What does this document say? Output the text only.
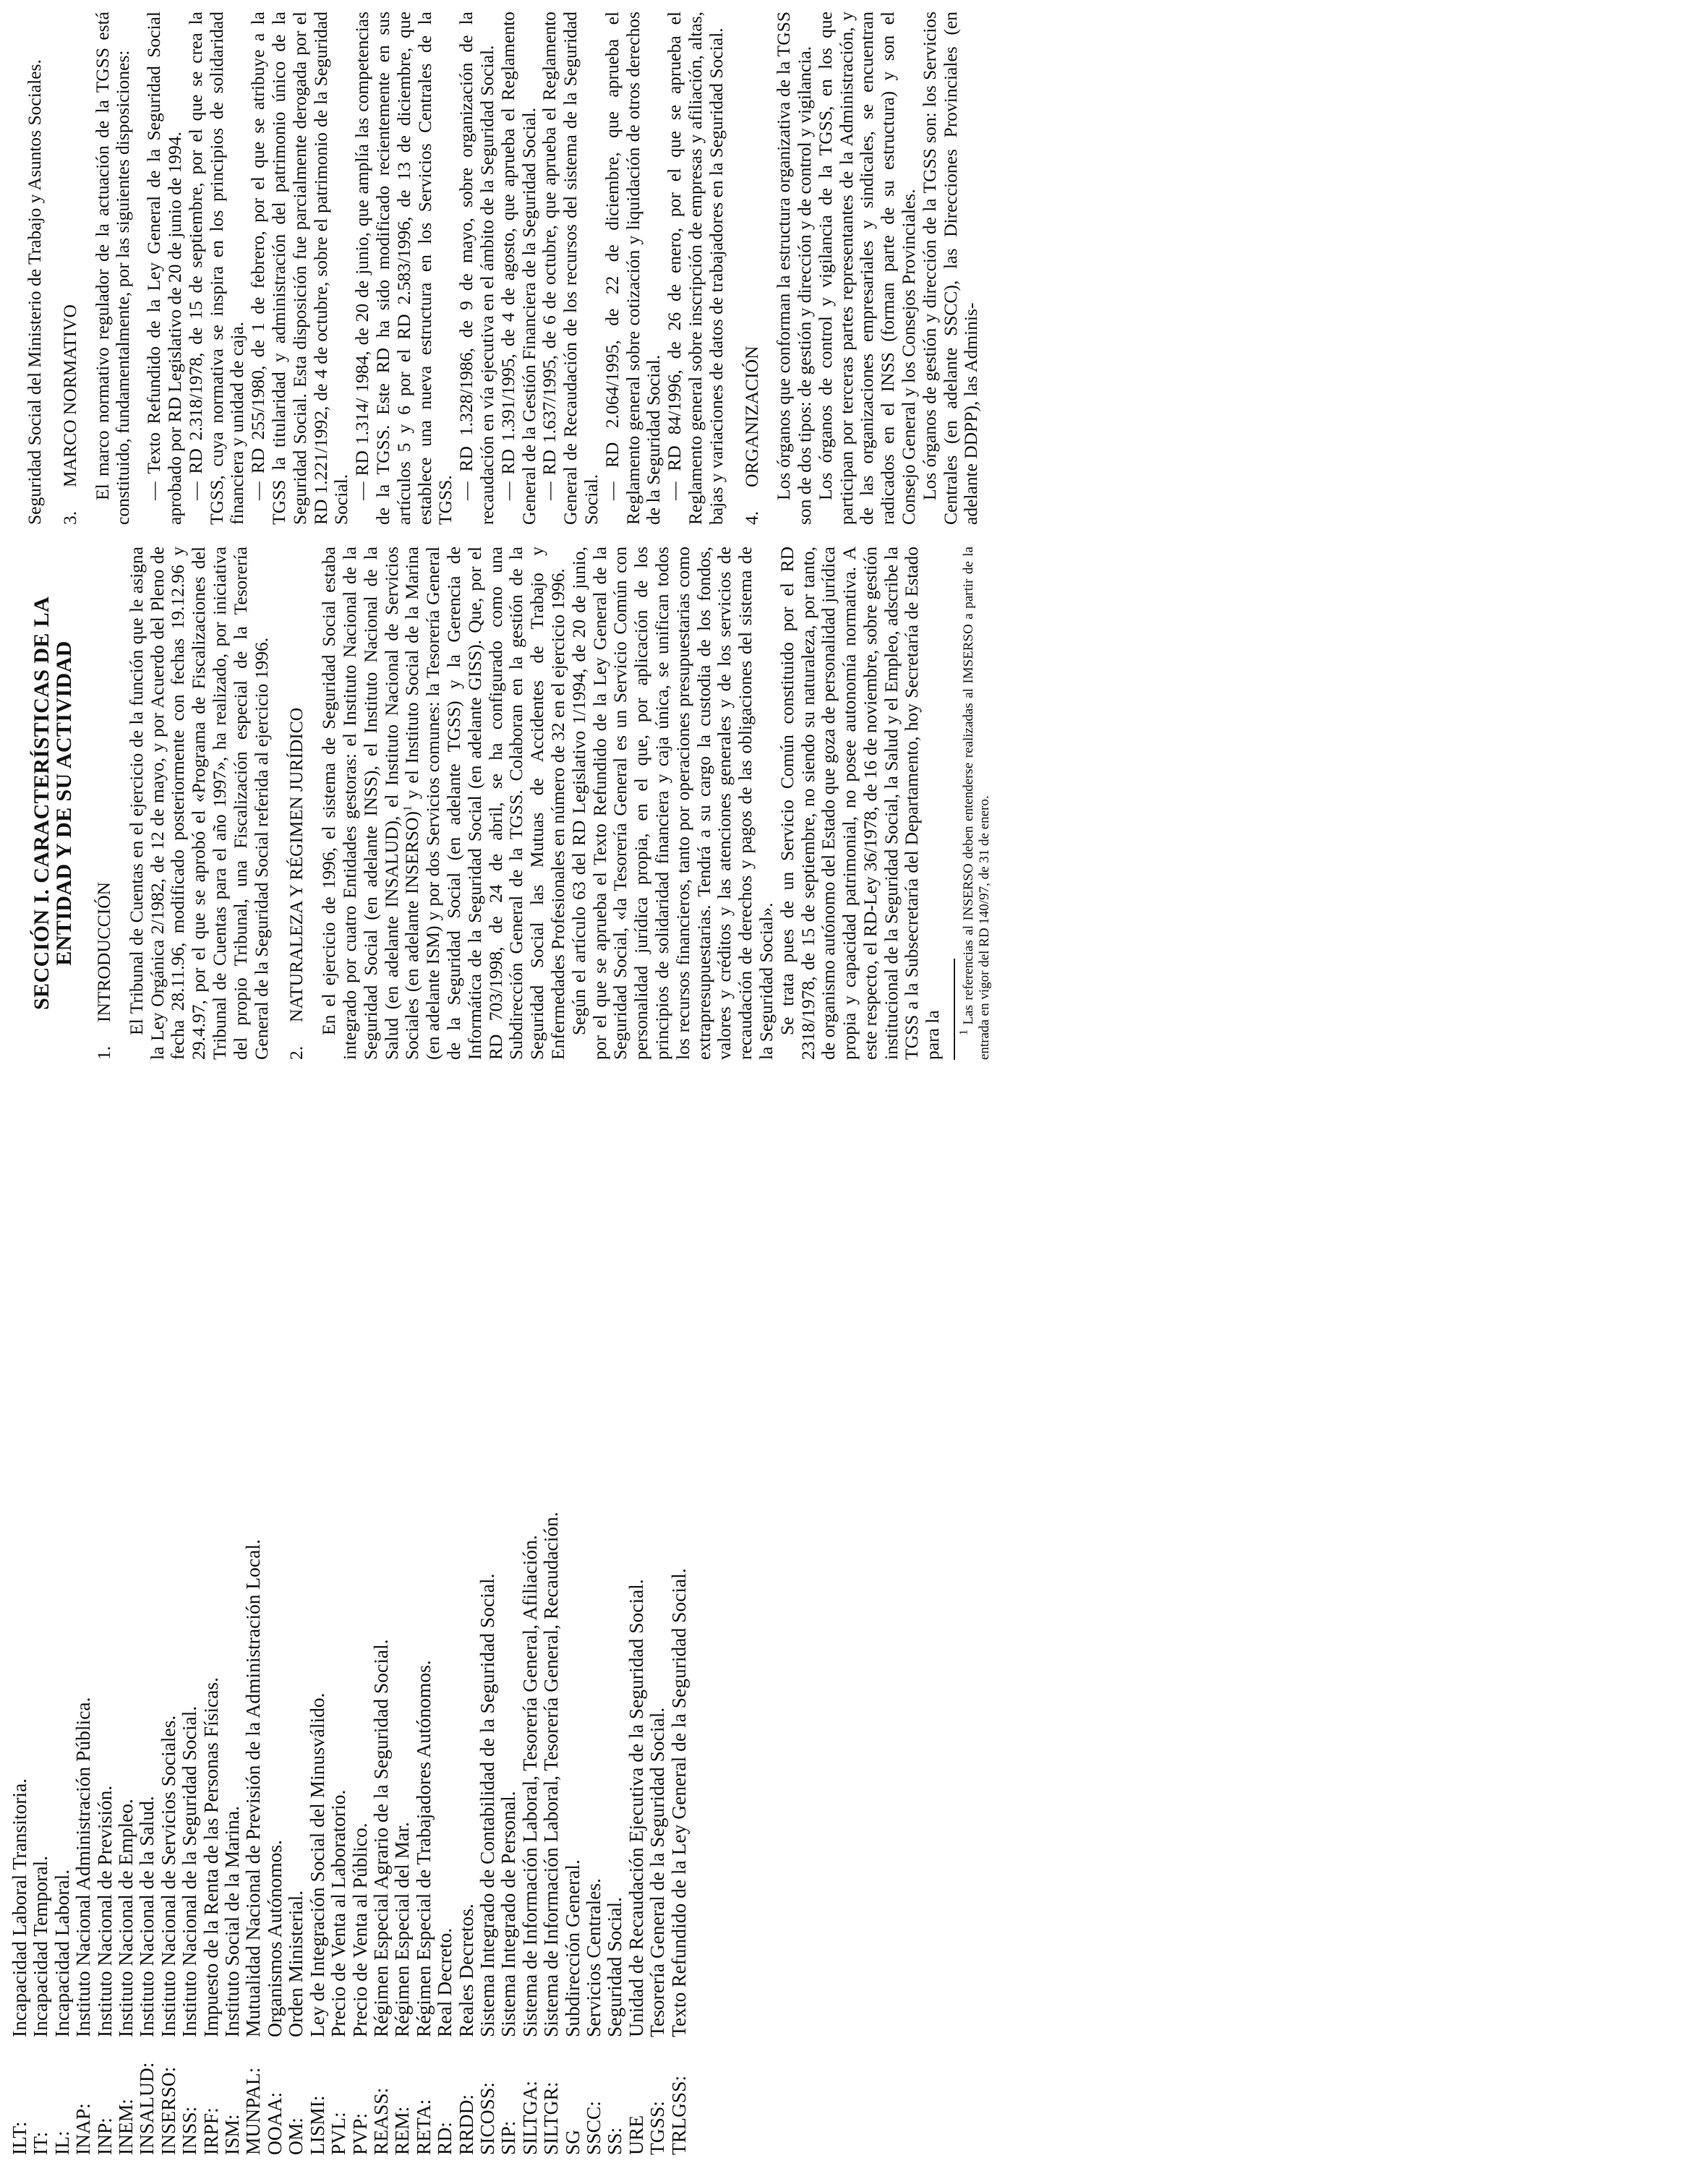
ILT:
Incapacidad Laboral Transitoria.
IT:
Incapacidad Temporal.
IL:
Incapacidad Laboral.
INAP:
Instituto Nacional Administración Pública.
INP:
Instituto Nacional de Previsión.
INEM:
Instituto Nacional de Empleo.
INSALUD:
Instituto Nacional de la Salud.
INSERSO:
Instituto Nacional de Servicios Sociales.
INSS:
Instituto Nacional de la Seguridad Social.
IRPF:
Impuesto de la Renta de las Personas Físicas.
ISM:
Instituto Social de la Marina.
MUNPAL:
Mutualidad Nacional de Previsión de la Administración Local.
OOAA:
Organismos Autónomos.
OM:
Orden Ministerial.
LISMI:
Ley de Integración Social del Minusválido.
PVL:
Precio de Venta al Laboratorio.
PVP:
Precio de Venta al Público.
REASS:
Régimen Especial Agrario de la Seguridad Social.
REM:
Régimen Especial del Mar.
RETA:
Régimen Especial de Trabajadores Autónomos.
RD:
Real Decreto.
RRDD:
Reales Decretos.
SICOSS:
Sistema Integrado de Contabilidad de la Seguridad Social.
SIP:
Sistema Integrado de Personal.
SILTGA:
Sistema de Información Laboral, Tesorería General, Afiliación.
SILTGR:
Sistema de Información Laboral, Tesorería General, Recaudación.
SG
Subdirección General.
SSCC:
Servicios Centrales.
SS:
Seguridad Social.
URE
Unidad de Recaudación Ejecutiva de la Seguridad Social.
TGSS:
Tesorería General de la Seguridad Social.
TRLGSS:
Texto Refundido de la Ley General de la Seguridad Social.
SECCIÓN I. CARACTERÍSTICAS DE LA
ENTIDAD Y DE SU ACTIVIDAD
1.INTRODUCCIÓN El Tribunal de Cuentas en el ejercicio de la función que le asigna la Ley Orgánica 2/1982, de 12 de mayo, y por Acuerdo del Pleno de fecha 28.11.96, modificado posteriormente con fechas 19.12.96 y 29.4.97, por el que se aprobó el «Programa de Fiscalizaciones del Tribunal de Cuentas para el año 1997», ha realizado, por iniciativa del propio Tribunal, una Fiscalización especial de la Tesorería General de la Seguridad Social referida al ejercicio 1996. 2.NATURALEZA Y RÉGIMEN JURÍDICO En el ejercicio de 1996, el sistema de Seguridad Social estaba integrado por cuatro Entidades gestoras: el Instituto Nacional de la Seguridad Social (en adelante INSS), el Instituto Nacional de la Salud (en adelante INSALUD), el Instituto Nacional de Servicios Sociales (en adelante INSERSO)$^1$ y el Instituto Social de la Marina (en adelante ISM) y por dos Servicios comunes: la Tesorería General de la Seguridad Social (en adelante TGSS) y la Gerencia de Informática de la Seguridad Social (en adelante GISS). Que, por el RD 703/1998, de 24 de abril, se ha configurado como una Subdirección General de la TGSS. Colaboran en la gestión de la Seguridad Social las Mutuas de Accidentes de Trabajo y Enfermedades Profesionales en número de 32 en el ejercicio 1996. Según el artículo 63 del RD Legislativo 1/1994, de 20 de junio, por el que se aprueba el Texto Refundido de la Ley General de la Seguridad Social, «la Tesorería General es un Servicio Común con personalidad jurídica propia, en el que, por aplicación de los principios de solidaridad financiera y caja única, se unifican todos los recursos financieros, tanto por operaciones presupuestarias como extrapresupuestarias. Tendrá a su cargo la custodia de los fondos, valores y créditos y las atenciones generales y de los servicios de recaudación de derechos y pagos de las obligaciones del sistema de la Seguridad Social». Se trata pues de un Servicio Común constituido por el RD 2318/1978, de 15 de septiembre, no siendo su naturaleza, por tanto, de organismo autónomo del Estado que goza de personalidad jurídica propia y capacidad patrimonial, no posee autonomía normativa. A este respecto, el RD-Ley 36/1978, de 16 de noviembre, sobre gestión institucional de la Seguridad Social, la Salud y el Empleo, adscribe la TGSS a la Subsecretaría del Departamento, hoy Secretaría de Estado para la $^1$ Las referencias al INSERSO deben entenderse realizadas al IMSERSO a partir de la entrada en vigor del RD 140/97, de 31 de enero.

Seguridad Social del Ministerio de Trabajo y Asuntos Sociales. 3.MARCO NORMATIVO El marco normativo regulador de la actuación de la TGSS está constituido, fundamentalmente, por las siguientes disposiciones: — Texto Refundido de la Ley General de la Seguridad Social aprobado por RD Legislativo de 20 de junio de 1994. — RD 2.318/1978, de 15 de septiembre, por el que se crea la TGSS, cuya normativa se inspira en los principios de solidaridad financiera y unidad de caja. — RD 255/1980, de 1 de febrero, por el que se atribuye a la TGSS la titularidad y administración del patrimonio único de la Seguridad Social. Esta disposición fue parcialmente derogada por el RD 1.221/1992, de 4 de octubre, sobre el patrimonio de la Seguridad Social. — RD 1.314/ 1984, de 20 de junio, que amplía las competencias de la TGSS. Este RD ha sido modificado recientemente en sus artículos 5 y 6 por el RD 2.583/1996, de 13 de diciembre, que establece una nueva estructura en los Servicios Centrales de la TGSS. — RD 1.328/1986, de 9 de mayo, sobre organización de la recaudación en vía ejecutiva en el ámbito de la Seguridad Social. — RD 1.391/1995, de 4 de agosto, que aprueba el Reglamento General de la Gestión Financiera de la Seguridad Social. — RD 1.637/1995, de 6 de octubre, que aprueba el Reglamento General de Recaudación de los recursos del sistema de la Seguridad Social. — RD 2.064/1995, de 22 de diciembre, que aprueba el Reglamento general sobre cotización y liquidación de otros derechos de la Seguridad Social. — RD 84/1996, de 26 de enero, por el que se aprueba el Reglamento general sobre inscripción de empresas y afiliación, altas, bajas y variaciones de datos de trabajadores en la Seguridad Social. 4.ORGANIZACIÓN Los órganos que conforman la estructura organizativa de la TGSS son de dos tipos: de gestión y dirección y de control y vigilancia. Los órganos de control y vigilancia de la TGSS, en los que participan por terceras partes representantes de la Administración, y de las organizaciones empresariales y sindicales, se encuentran radicados en el INSS (forman parte de su estructura) y son el Consejo General y los Consejos Provinciales. Los órganos de gestión y dirección de la TGSS son: los Servicios Centrales (en adelante SSCC), las Direcciones Provinciales (en adelante DDPP), las Adminis-
